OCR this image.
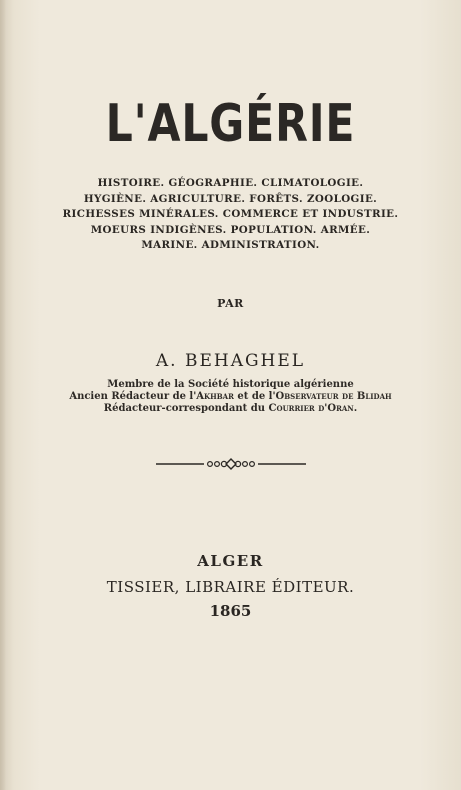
L'ALGÉRIE
HISTOIRE. GÉOGRAPHIE. CLIMATOLOGIE.
HYGIÈNE. AGRICULTURE. FORÊTS. ZOOLOGIE.
RICHESSES MINÉRALES. COMMERCE ET INDUSTRIE.
MOEURS INDIGÈNES. POPULATION. ARMÉE.
MARINE. ADMINISTRATION.
PAR
A. BEHAGHEL
Membre de la Société historique algérienne
Ancien Rédacteur de l'Akhbar et de l'Observateur de Blidah
Rédacteur-correspondant du Courrier d'Oran.
ALGER
TISSIER, LIBRAIRE ÉDITEUR.
1865
